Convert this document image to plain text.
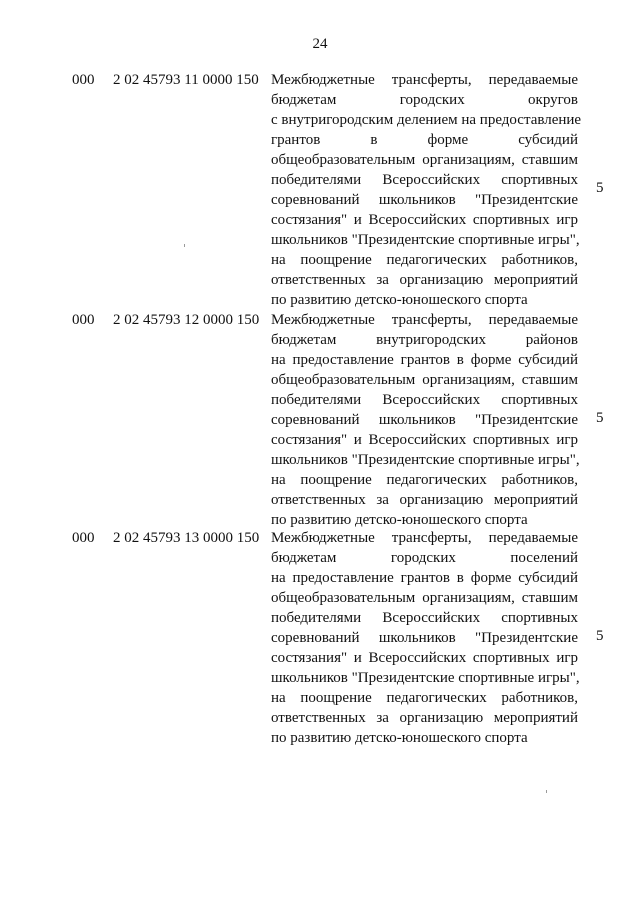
24
000 2 02 45793 11 0000 150 Межбюджетные трансферты, передаваемые
бюджетам городских округов
с внутригородским делением на предоставление
грантов в форме субсидий
общеобразовательным организациям, ставшим
победителями Всероссийских спортивных
соревнований школьников "Президентские
состязания" и Всероссийских спортивных игр
школьников "Президентские спортивные игры",
на поощрение педагогических работников,
ответственных за организацию мероприятий
по развитию детско-юношеского спорта
5
000 2 02 45793 12 0000 150 Межбюджетные трансферты, передаваемые
бюджетам внутригородских районов
на предоставление грантов в форме субсидий
общеобразовательным организациям, ставшим
победителями Всероссийских спортивных
соревнований школьников "Президентские
состязания" и Всероссийских спортивных игр
школьников "Президентские спортивные игры",
на поощрение педагогических работников,
ответственных за организацию мероприятий
по развитию детско-юношеского спорта
5
000 2 02 45793 13 0000 150 Межбюджетные трансферты, передаваемые
бюджетам городских поселений
на предоставление грантов в форме субсидий
общеобразовательным организациям, ставшим
победителями Всероссийских спортивных
соревнований школьников "Президентские
состязания" и Всероссийских спортивных игр
школьников "Президентские спортивные игры",
на поощрение педагогических работников,
ответственных за организацию мероприятий
по развитию детско-юношеского спорта
5
